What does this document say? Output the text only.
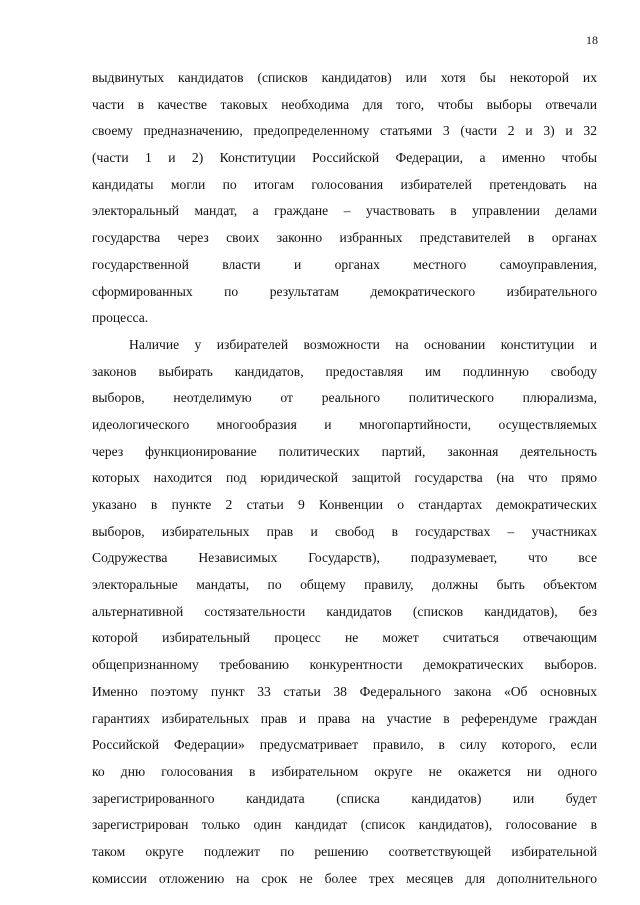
18
выдвинутых кандидатов (списков кандидатов) или хотя бы некоторой их
части в качестве таковых необходима для того, чтобы выборы отвечали
своему предназначению, предопределенному статьями 3 (части 2 и 3) и 32
(части 1 и 2) Конституции Российской Федерации, а именно чтобы
кандидаты могли по итогам голосования избирателей претендовать на
электоральный мандат, а граждане – участвовать в управлении делами
государства через своих законно избранных представителей в органах
государственной власти и органах местного самоуправления,
сформированных по результатам демократического избирательного
процесса.
Наличие у избирателей возможности на основании конституции и
законов выбирать кандидатов, предоставляя им подлинную свободу
выборов, неотделимую от реального политического плюрализма,
идеологического многообразия и многопартийности, осуществляемых
через функционирование политических партий, законная деятельность
которых находится под юридической защитой государства (на что прямо
указано в пункте 2 статьи 9 Конвенции о стандартах демократических
выборов, избирательных прав и свобод в государствах – участниках
Содружества Независимых Государств), подразумевает, что все
электоральные мандаты, по общему правилу, должны быть объектом
альтернативной состязательности кандидатов (списков кандидатов), без
которой избирательный процесс не может считаться отвечающим
общепризнанному требованию конкурентности демократических выборов.
Именно поэтому пункт 33 статьи 38 Федерального закона «Об основных
гарантиях избирательных прав и права на участие в референдуме граждан
Российской Федерации» предусматривает правило, в силу которого, если
ко дню голосования в избирательном округе не окажется ни одного
зарегистрированного кандидата (списка кандидатов) или будет
зарегистрирован только один кандидат (список кандидатов), голосование в
таком округе подлежит по решению соответствующей избирательной
комиссии отложению на срок не более трех месяцев для дополнительного
